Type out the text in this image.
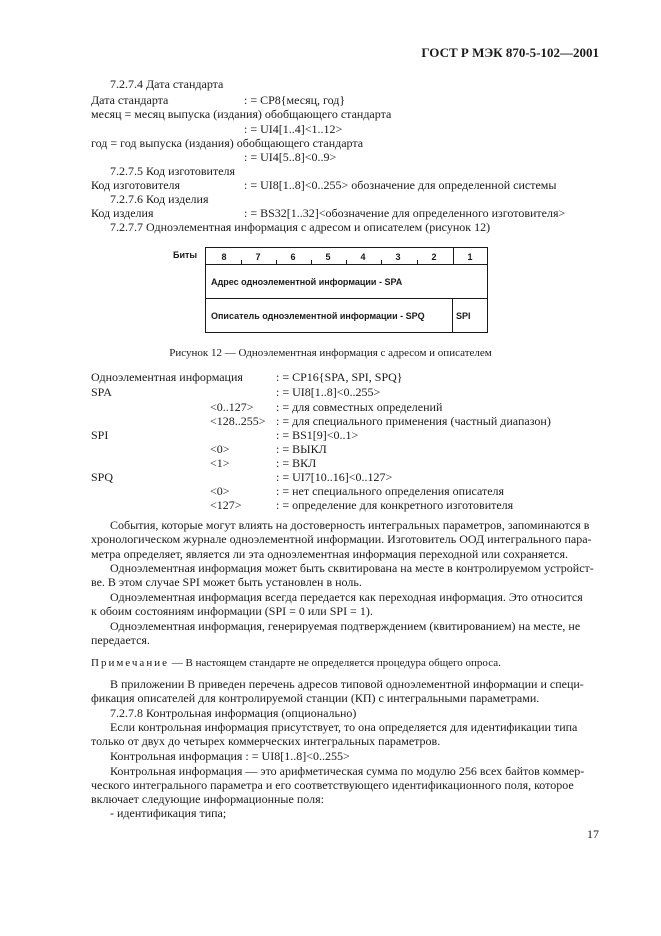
ГОСТ Р МЭК 870-5-102—2001
7.2.7.4 Дата стандарта
Дата стандарта	: = CP8{месяц, год}
месяц = месяц выпуска (издания) обобщающего стандарта
: = UI4[1..4]<1..12>
год = год выпуска (издания) обобщающего стандарта
: = UI4[5..8]<0..9>
7.2.7.5 Код изготовителя
Код изготовителя	: = UI8[1..8]<0..255> обозначение для определенной системы
7.2.7.6 Код изделия
Код изделия	: = BS32[1..32]<обозначение для определенного изготовителя>
7.2.7.7 Одноэлементная информация с адресом и описателем (рисунок 12)
Биты	8	7	6	5	4	3	2	1
Адрес одноэлементной информации - SPA
Описатель одноэлементной информации - SPQ	SPI
Рисунок 12 — Одноэлементная информация с адресом и описателем
Одноэлементная информация	: = CP16{SPA, SPI, SPQ}
SPA	: = UI8[1..8]<0..255>
<0..127> : = для совместных определений
<128..255> : = для специального применения (частный диапазон)
SPI	: = BS1[9]<0..1>
<0>	: = ВЫКЛ
<1>	: = ВКЛ
SPQ	: = UI7[10..16]<0..127>
<0>	: = нет специального определения описателя
<127>	: = определение для конкретного изготовителя
События, которые могут влиять на достоверность интегральных параметров, запоминаются в
хронологическом журнале одноэлементной информации. Изготовитель ООД интегрального пара-
метра определяет, является ли эта одноэлементная информация переходной или сохраняется.
Одноэлементная информация может быть сквитирована на месте в контролируемом устройст-
ве. В этом случае SPI может быть установлен в ноль.
Одноэлементная информация всегда передается как переходная информация. Это относится
к обоим состояниям информации (SPI = 0 или SPI = 1).
Одноэлементная информация, генерируемая подтверждением (квитированием) на месте, не
передается.
Примечание — В настоящем стандарте не определяется процедура общего опроса.
В приложении В приведен перечень адресов типовой одноэлементной информации и специ-
фикация описателей для контролируемой станции (КП) с интегральными параметрами.
7.2.7.8 Контрольная информация (опционально)
Если контрольная информация присутствует, то она определяется для идентификации типа
только от двух до четырех коммерческих интегральных параметров.
Контрольная информация : = UI8[1..8]<0..255>
Контрольная информация — это арифметическая сумма по модулю 256 всех байтов коммер-
ческого интегрального параметра и его соответствующего идентификационного поля, которое
включает следующие информационные поля:
- идентификация типа;
17
